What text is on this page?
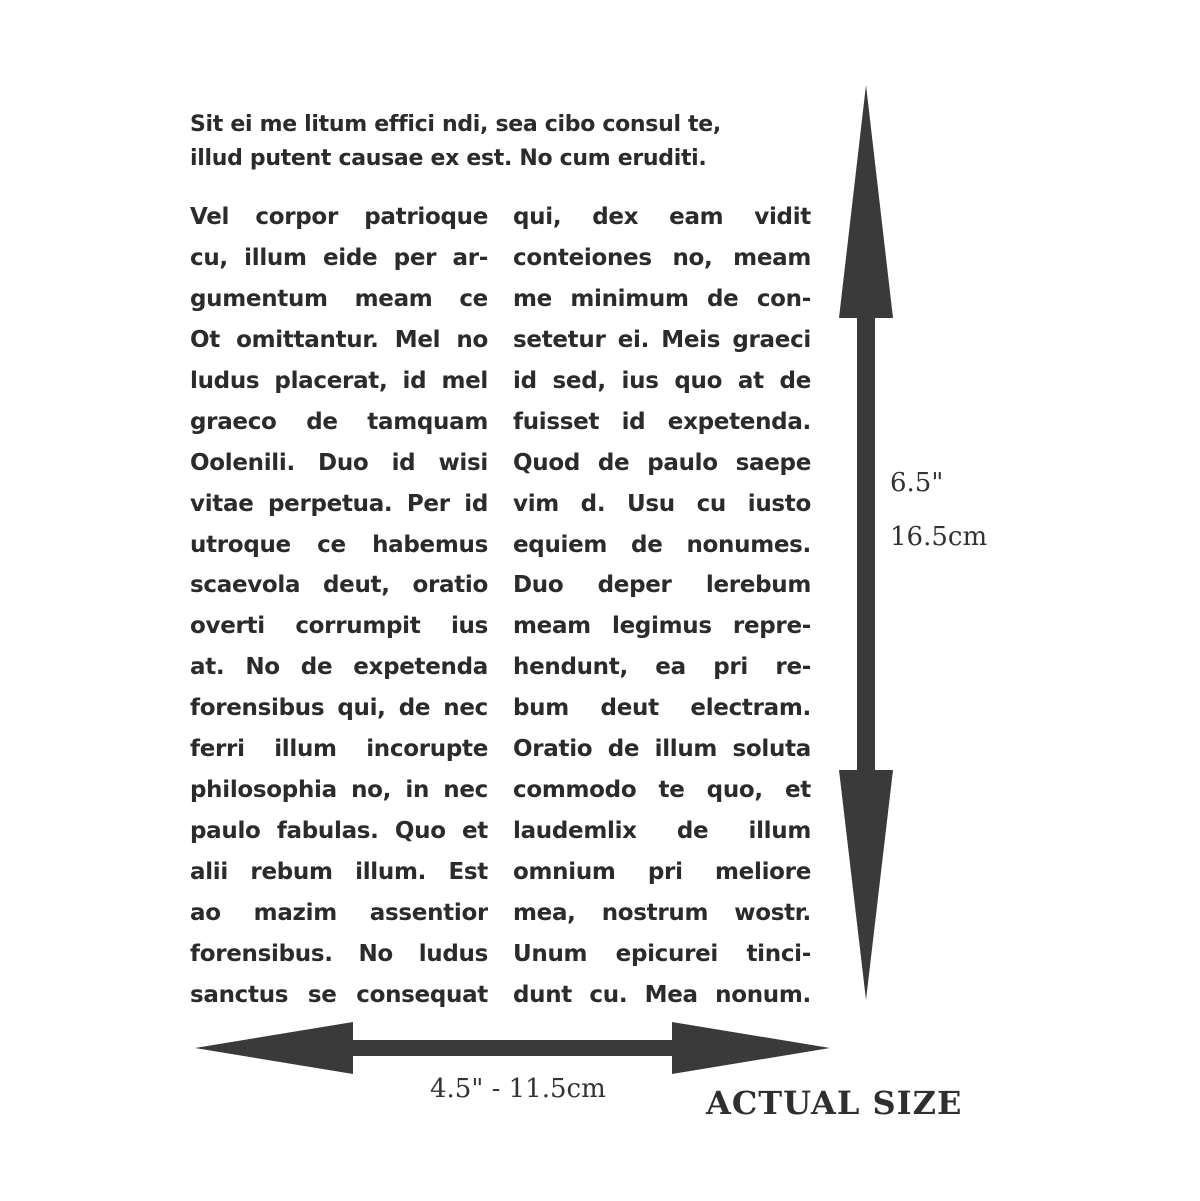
Sit ei me litum effici ndi, sea cibo consul te,
illud putent causae ex est. No cum eruditi.
Vel corpor patrioque
cu, illum eide per ar-
gumentum meam ce
Ot omittantur. Mel no
ludus placerat, id mel
graeco de tamquam
Oolenili. Duo id wisi
vitae perpetua. Per id
utroque ce habemus
scaevola deut, oratio
overti corrumpit ius
at. No de expetenda
forensibus qui, de nec
ferri illum incorupte
philosophia no, in nec
paulo fabulas. Quo et
alii rebum illum. Est
ao mazim assentior
forensibus. No ludus
sanctus se consequat
qui, dex eam vidit
conteiones no, meam
me minimum de con-
setetur ei. Meis graeci
id sed, ius quo at de
fuisset id expetenda.
Quod de paulo saepe
vim d. Usu cu iusto
equiem de nonumes.
Duo deper lerebum
meam legimus repre-
hendunt, ea pri re-
bum deut electram.
Oratio de illum soluta
commodo te quo, et
laudemlix de illum
omnium pri meliore
mea, nostrum wostr.
Unum epicurei tinci-
dunt cu. Mea nonum.
6.5"
16.5cm
4.5" - 11.5cm	ACTUAL SIZE
